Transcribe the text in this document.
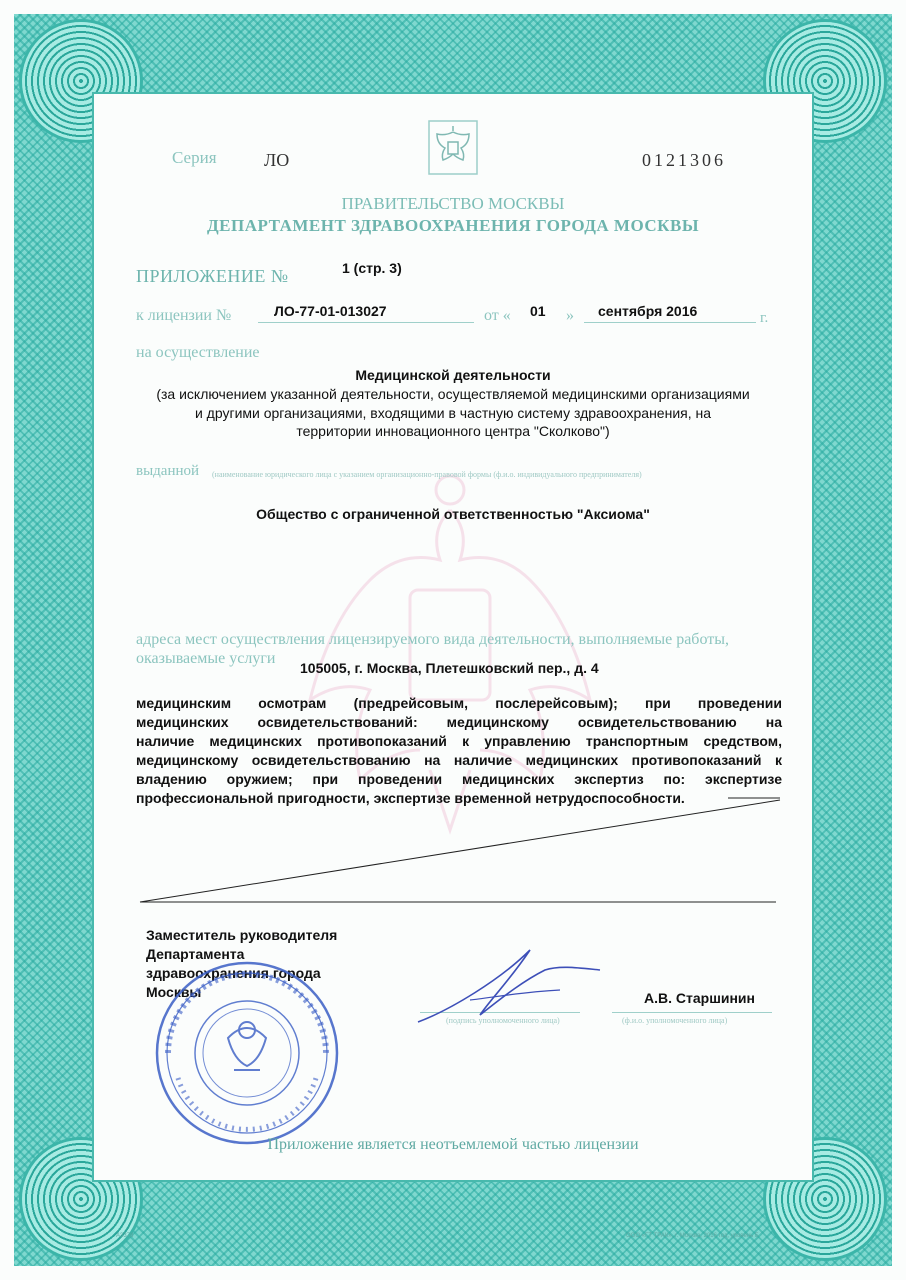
Серия	ЛО	0121306
ПРАВИТЕЛЬСТВО МОСКВЫ
ДЕПАРТАМЕНТ ЗДРАВООХРАНЕНИЯ ГОРОДА МОСКВЫ
ПРИЛОЖЕНИЕ №	1 (стр. 3)
к лицензии №	ЛО-77-01-013027	от « 01 » сентября 2016	г.
на осуществление
Медицинской деятельности
(за исключением указанной деятельности, осуществляемой медицинскими организациями
и другими организациями, входящими в частную систему здравоохранения, на
территории инновационного центра "Сколково")
выданной (наименование юридического лица с указанием организационно-правовой формы (ф.и.о. индивидуального предпринимателя)
Общество с ограниченной ответственностью "Аксиома"
адреса мест осуществления лицензируемого вида деятельности, выполняемые работы,
оказываемые услуги
105005, г. Москва, Плетешковский пер., д. 4
медицинским осмотрам (предрейсовым, послерейсовым); при проведении
медицинских освидетельствований: медицинскому освидетельствованию на
наличие медицинских противопоказаний к управлению транспортным средством,
медицинскому освидетельствованию на наличие медицинских противопоказаний к
владению оружием; при проведении медицинских экспертиз по: экспертизе
профессиональной пригодности, экспертизе временной нетрудоспособности.
Заместитель руководителя
Департамента
здравоохранения города
Москвы	А.В. Старшинин
(подпись уполномоченного лица)	(ф.и.о. уполномоченного лица)
Приложение является неотъемлемой частью лицензии
А3378	ООО «ГТ ТРАК», г. Москва, 2016 год, уровень Б
